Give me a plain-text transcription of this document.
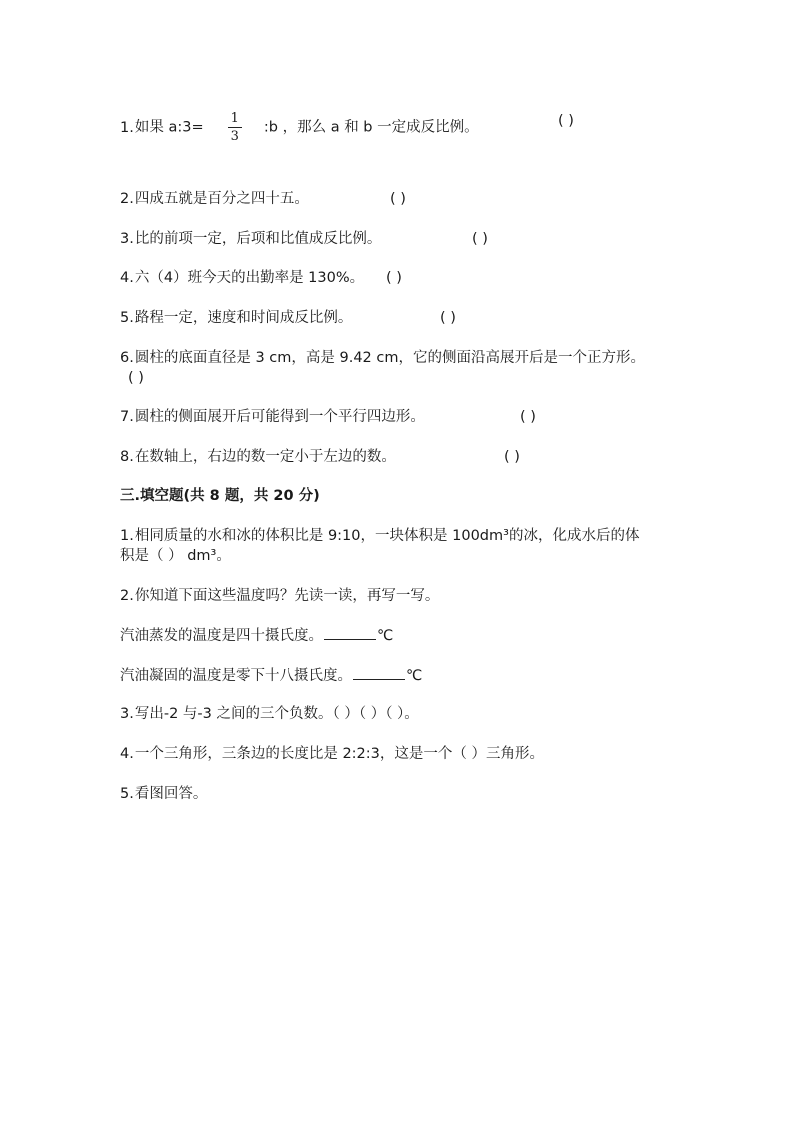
1.如果 a:3= $\frac{1}{3}$ :b ，那么 a 和 b 一定成反比例。	( )
2.四成五就是百分之四十五。	( )
3.比的前项一定，后项和比值成反比例。	( )
4.六（4）班今天的出勤率是 130%。 ( )
5.路程一定，速度和时间成反比例。	( )
6.圆柱的底面直径是 3 cm，高是 9.42 cm，它的侧面沿高展开后是一个正方形。
( )
7.圆柱的侧面展开后可能得到一个平行四边形。	( )
8.在数轴上，右边的数一定小于左边的数。	( )
三.填空题(共 8 题，共 20 分)
1.相同质量的水和冰的体积比是 9:10，一块体积是 100dm³的冰，化成水后的体
积是（ ） dm³。
2.你知道下面这些温度吗？先读一读，再写一写。
汽油蒸发的温度是四十摄氏度。	℃
汽油凝固的温度是零下十八摄氏度。	℃
3.写出-2 与-3 之间的三个负数。（ ）（ ）（ ）。
4.一个三角形，三条边的长度比是 2:2:3，这是一个（ ）三角形。
5.看图回答。
